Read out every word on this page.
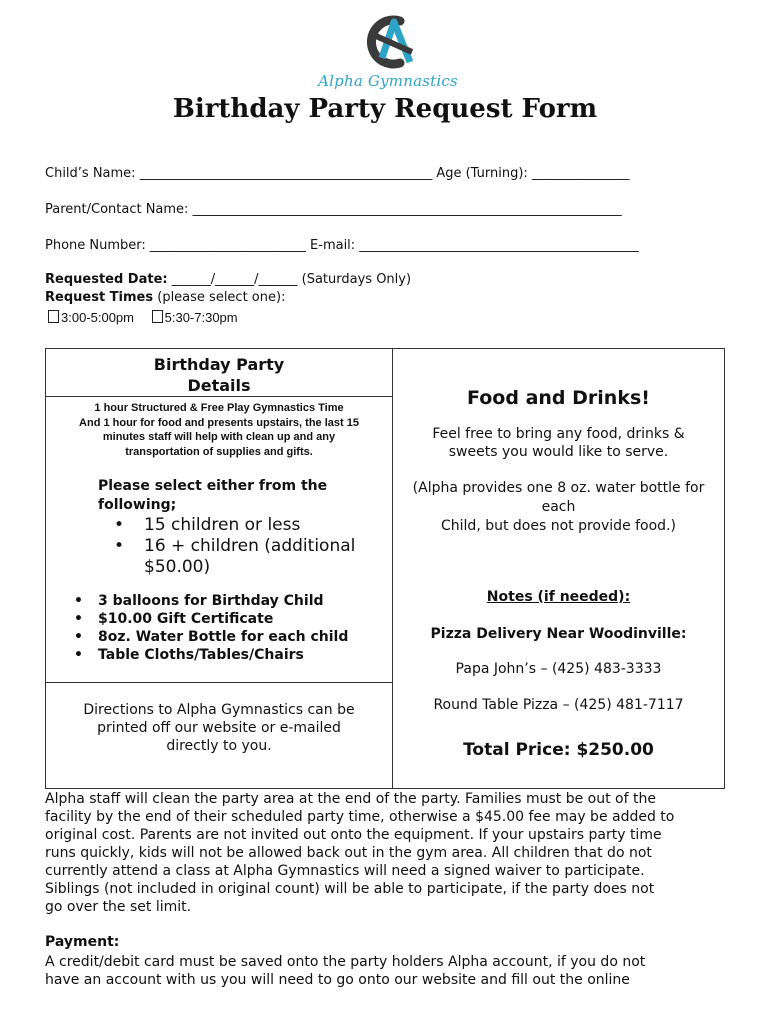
Alpha Gymnastics
Birthday Party Request Form
Child’s Name: _____________________________________________ Age (Turning): _______________
Parent/Contact Name: __________________________________________________________________
Phone Number: ________________________ E-mail: ___________________________________________
Requested Date: ______/______/______ (Saturdays Only)
Request Times (please select one):
3:00-5:00pm 5:30-7:30pm
Birthday Party
Details
1 hour Structured & Free Play Gymnastics Time
And 1 hour for food and presents upstairs, the last 15
minutes staff will help with clean up and any
transportation of supplies and gifts.
Please select either from the
following;
• 15 children or less
• 16 + children (additional $50.00)
• 3 balloons for Birthday Child
• $10.00 Gift Certificate
• 8oz. Water Bottle for each child
• Table Cloths/Tables/Chairs
Directions to Alpha Gymnastics can be
printed off our website or e-mailed
directly to you.
Food and Drinks!
Feel free to bring any food, drinks &
sweets you would like to serve.
(Alpha provides one 8 oz. water bottle for
each
Child, but does not provide food.)
Notes (if needed):
Pizza Delivery Near Woodinville:
Papa John’s – (425) 483-3333
Round Table Pizza – (425) 481-7117
Total Price: $250.00
Alpha staff will clean the party area at the end of the party. Families must be out of the
facility by the end of their scheduled party time, otherwise a $45.00 fee may be added to
original cost. Parents are not invited out onto the equipment. If your upstairs party time
runs quickly, kids will not be allowed back out in the gym area. All children that do not
currently attend a class at Alpha Gymnastics will need a signed waiver to participate.
Siblings (not included in original count) will be able to participate, if the party does not
go over the set limit.
Payment:
A credit/debit card must be saved onto the party holders Alpha account, if you do not
have an account with us you will need to go onto our website and fill out the online
